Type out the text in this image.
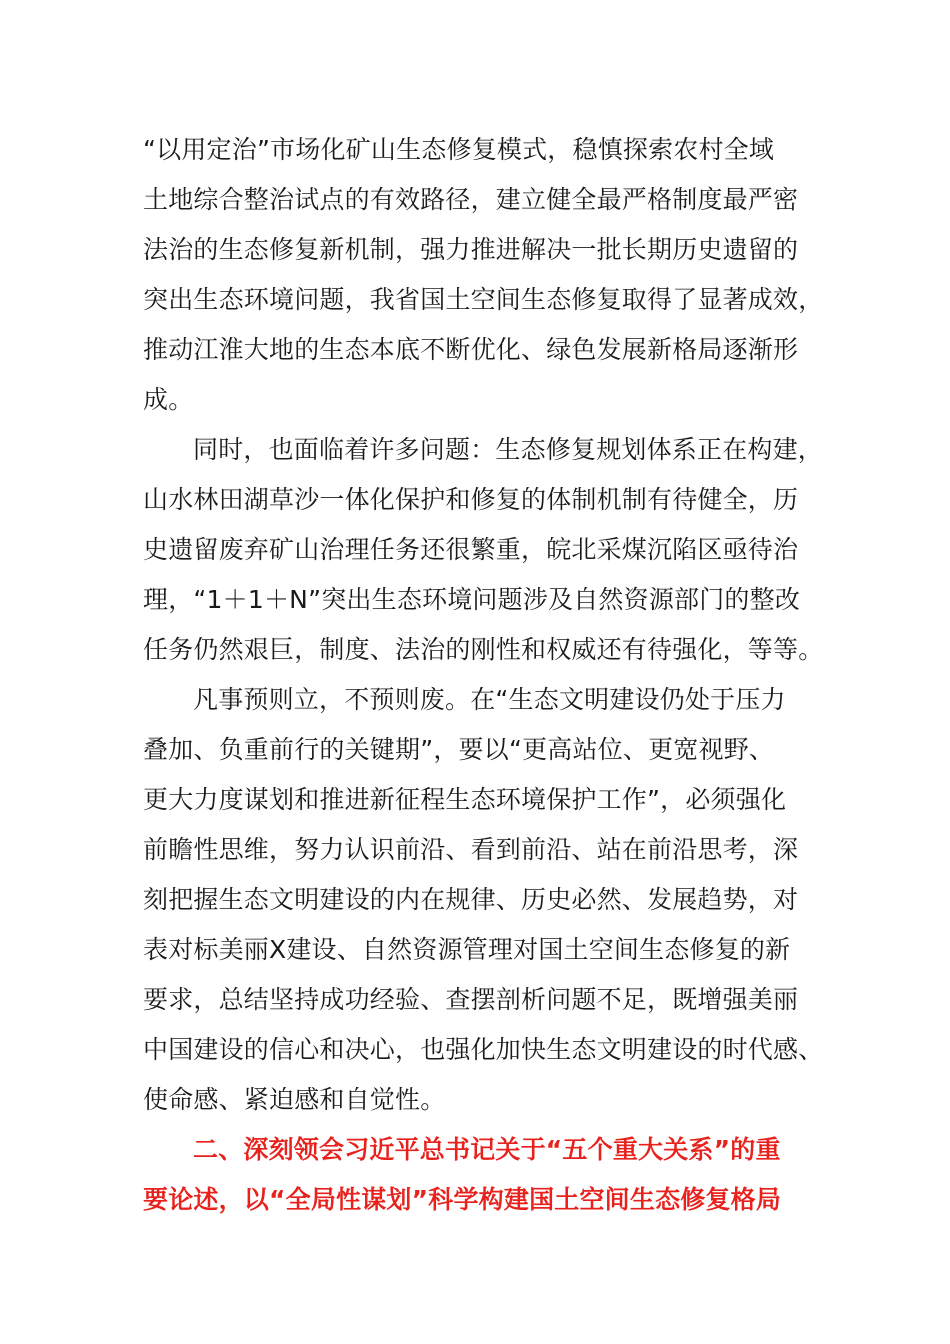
“以用定治”市场化矿山生态修复模式，稳慎探索农村全域
土地综合整治试点的有效路径，建立健全最严格制度最严密
法治的生态修复新机制，强力推进解决一批长期历史遗留的
突出生态环境问题，我省国土空间生态修复取得了显著成效，
推动江淮大地的生态本底不断优化、绿色发展新格局逐渐形
成。
同时，也面临着许多问题：生态修复规划体系正在构建，
山水林田湖草沙一体化保护和修复的体制机制有待健全，历
史遗留废弃矿山治理任务还很繁重，皖北采煤沉陷区亟待治
理，“1＋1＋N”突出生态环境问题涉及自然资源部门的整改
任务仍然艰巨，制度、法治的刚性和权威还有待强化，等等。
凡事预则立，不预则废。在“生态文明建设仍处于压力
叠加、负重前行的关键期”，要以“更高站位、更宽视野、
更大力度谋划和推进新征程生态环境保护工作”，必须强化
前瞻性思维，努力认识前沿、看到前沿、站在前沿思考，深
刻把握生态文明建设的内在规律、历史必然、发展趋势，对
表对标美丽X建设、自然资源管理对国土空间生态修复的新
要求，总结坚持成功经验、查摆剖析问题不足，既增强美丽
中国建设的信心和决心，也强化加快生态文明建设的时代感、
使命感、紧迫感和自觉性。
二、深刻领会习近平总书记关于“五个重大关系”的重
要论述，以“全局性谋划”科学构建国土空间生态修复格局
